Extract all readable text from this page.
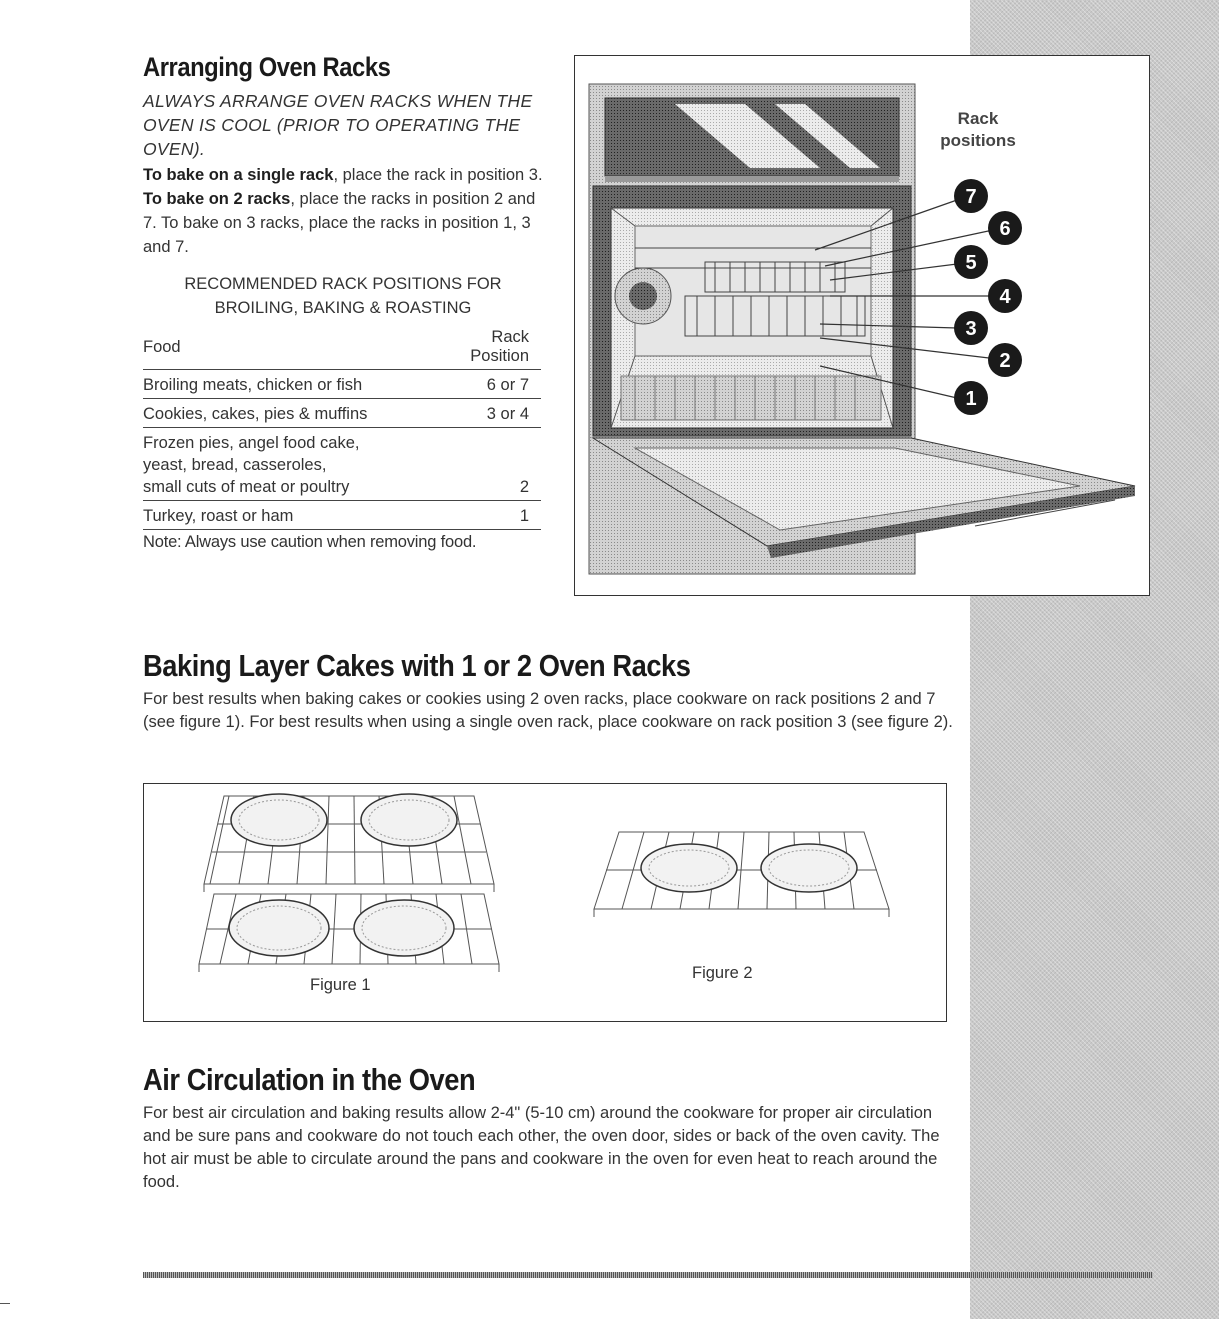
Arranging Oven Racks
ALWAYS ARRANGE OVEN RACKS WHEN THE OVEN IS COOL (PRIOR TO OPERATING THE OVEN).
To bake on a single rack, place the rack in position 3. To bake on 2 racks, place the racks in position 2 and 7. To bake on 3 racks, place the racks in position 1, 3 and 7.
RECOMMENDED RACK POSITIONS FOR
BROILING, BAKING & ROASTING
Food	Rack Position
Broiling meats, chicken or fish	6 or 7
Cookies, cakes, pies & muffins	3 or 4

Frozen pies, angel food cake,
yeast, bread, casseroles,
small cuts of meat or poultry	2
Turkey, roast or ham	1
Note: Always use caution when removing food.
7
6
5
4
3
2
1
Rack
positions
Baking Layer Cakes with 1 or 2 Oven Racks
For best results when baking cakes or cookies using 2 oven racks, place cookware on rack positions 2 and 7 (see figure 1). For best results when using a single oven rack, place cookware on rack position 3 (see figure 2).
Figure 1
Figure 2
Air Circulation in the Oven
For best air circulation and baking results allow 2-4" (5-10 cm) around the cookware for proper air circulation and be sure pans and cookware do not touch each other, the oven door, sides or back of the oven cavity. The hot air must be able to circulate around the pans and cookware in the oven for even heat to reach around the food.
